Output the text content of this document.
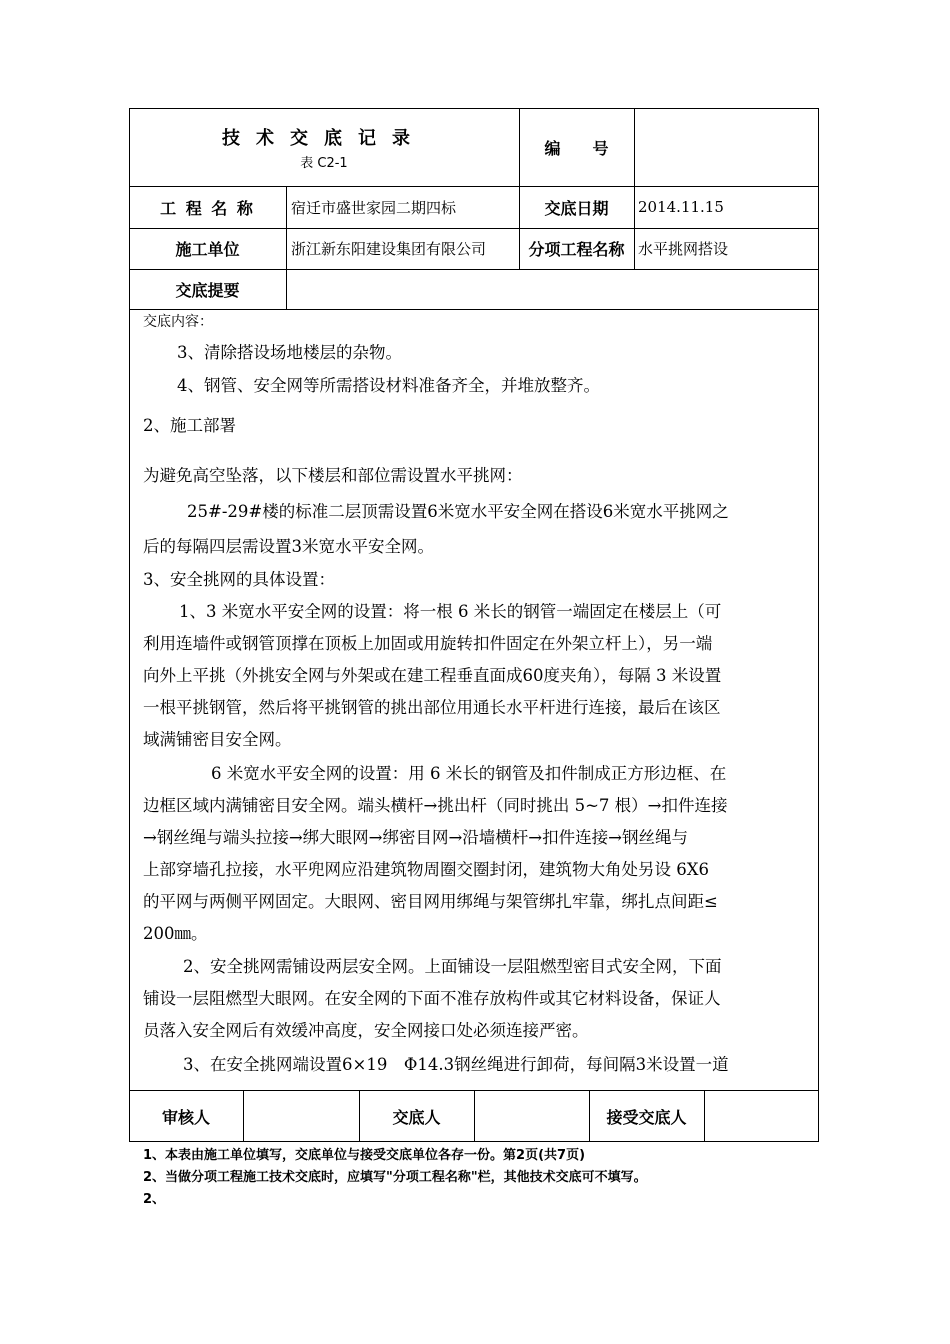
技术交底记录
表 C2-1
编　　号
工 程 名 称	宿迁市盛世家园二期四标	交底日期	2014.11.15
施工单位	浙江新东阳建设集团有限公司	分项工程名称 水平挑网搭设
交底提要

交底内容：

3、清除搭设场地楼层的杂物。

4、钢管、安全网等所需搭设材料准备齐全，并堆放整齐。

2、施工部署

为避免高空坠落，以下楼层和部位需设置水平挑网：

25#-29#楼的标准二层顶需设置6米宽水平安全网在搭设6米宽水平挑网之

后的每隔四层需设置3米宽水平安全网。

3、安全挑网的具体设置：

1、3 米宽水平安全网的设置：将一根 6 米长的钢管一端固定在楼层上（可

利用连墙件或钢管顶撑在顶板上加固或用旋转扣件固定在外架立杆上），另一端

向外上平挑（外挑安全网与外架或在建工程垂直面成60度夹角），每隔 3 米设置

一根平挑钢管，然后将平挑钢管的挑出部位用通长水平杆进行连接，最后在该区

域满铺密目安全网。

6 米宽水平安全网的设置：用 6 米长的钢管及扣件制成正方形边框、在

边框区域内满铺密目安全网。端头横杆→挑出杆（同时挑出 5~7 根）→扣件连接

→钢丝绳与端头拉接→绑大眼网→绑密目网→沿墙横杆→扣件连接→钢丝绳与

上部穿墙孔拉接，水平兜网应沿建筑物周圈交圈封闭，建筑物大角处另设 6X6

的平网与两侧平网固定。大眼网、密目网用绑绳与架管绑扎牢靠，绑扎点间距≤

200㎜。

2、安全挑网需铺设两层安全网。上面铺设一层阻燃型密目式安全网，下面

铺设一层阻燃型大眼网。在安全网的下面不准存放构件或其它材料设备，保证人

员落入安全网后有效缓冲高度，安全网接口处必须连接严密。

3、在安全挑网端设置6×19　Φ14.3钢丝绳进行卸荷，每间隔3米设置一道

审核人	交底人	接受交底人
1、本表由施工单位填写，交底单位与接受交底单位各存一份。第2页(共7页)
2、当做分项工程施工技术交底时，应填写"分项工程名称"栏，其他技术交底可不填写。
2、
